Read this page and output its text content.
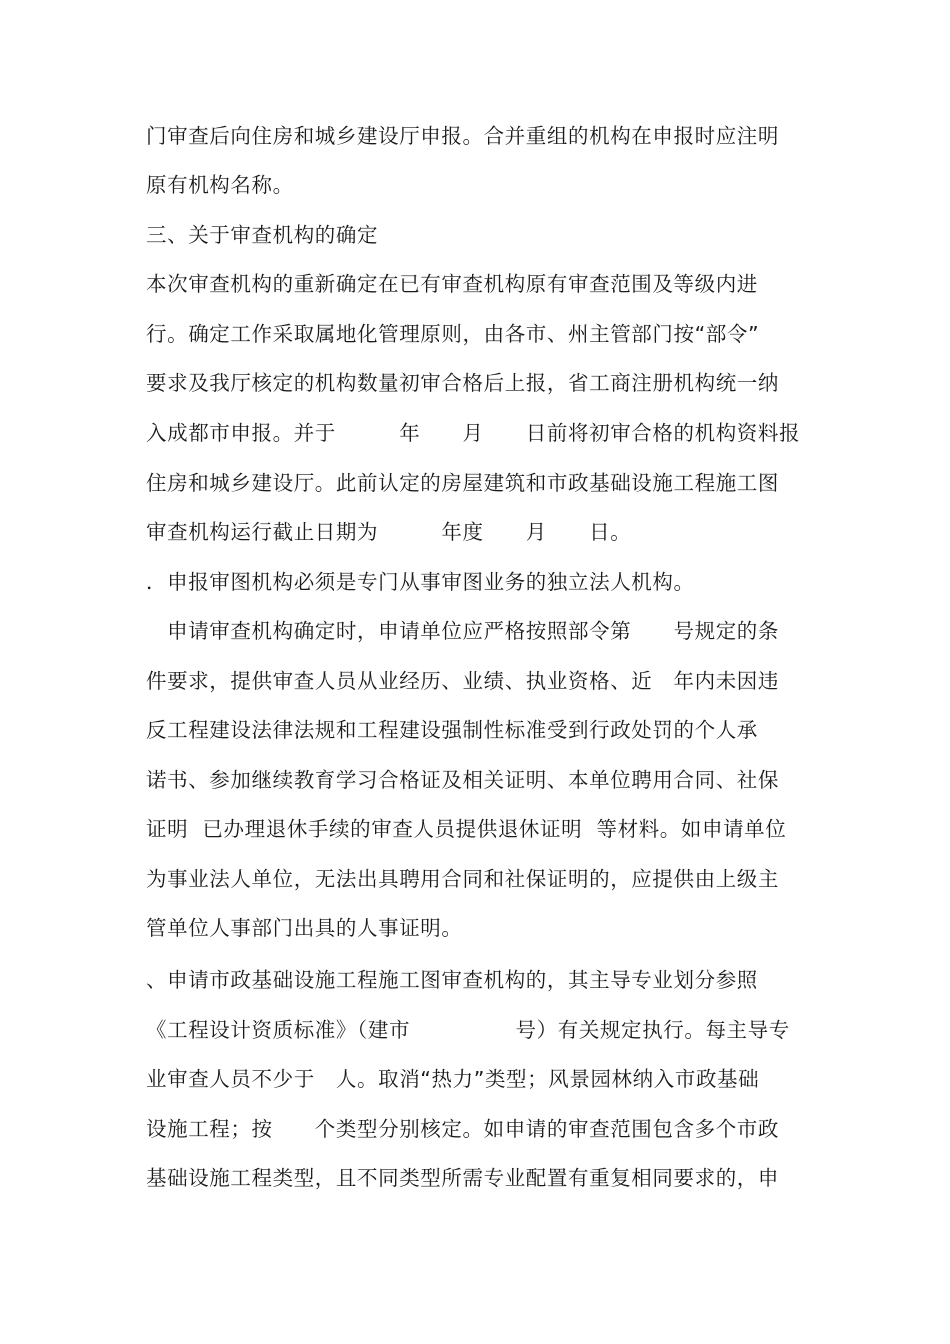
门审查后向住房和城乡建设厅申报。合并重组的机构在申报时应注明
原有机构名称。
三、关于审查机构的确定
本次审查机构的重新确定在已有审查机构原有审查范围及等级内进
行。确定工作采取属地化管理原则，由各市、州主管部门按“部令”
要求及我厅核定的机构数量初审合格后上报，省工商注册机构统一纳
入成都市申报。并于　　　年　　月　　日前将初审合格的机构资料报
住房和城乡建设厅。此前认定的房屋建筑和市政基础设施工程施工图
审查机构运行截止日期为　　　年度　　月　　日。
．申报审图机构必须是专门从事审图业务的独立法人机构。
　申请审查机构确定时，申请单位应严格按照部令第　　号规定的条
件要求，提供审查人员从业经历、业绩、执业资格、近　年内未因违
反工程建设法律法规和工程建设强制性标准受到行政处罚的个人承
诺书、参加继续教育学习合格证及相关证明、本单位聘用合同、社保
证明  已办理退休手续的审查人员提供退休证明  等材料。如申请单位
为事业法人单位，无法出具聘用合同和社保证明的，应提供由上级主
管单位人事部门出具的人事证明。
、申请市政基础设施工程施工图审查机构的，其主导专业划分参照
《工程设计资质标准》（建市　　　　　号）有关规定执行。每主导专
业审查人员不少于　人。取消“热力”类型；风景园林纳入市政基础
设施工程；按　　个类型分别核定。如申请的审查范围包含多个市政
基础设施工程类型，且不同类型所需专业配置有重复相同要求的，申
